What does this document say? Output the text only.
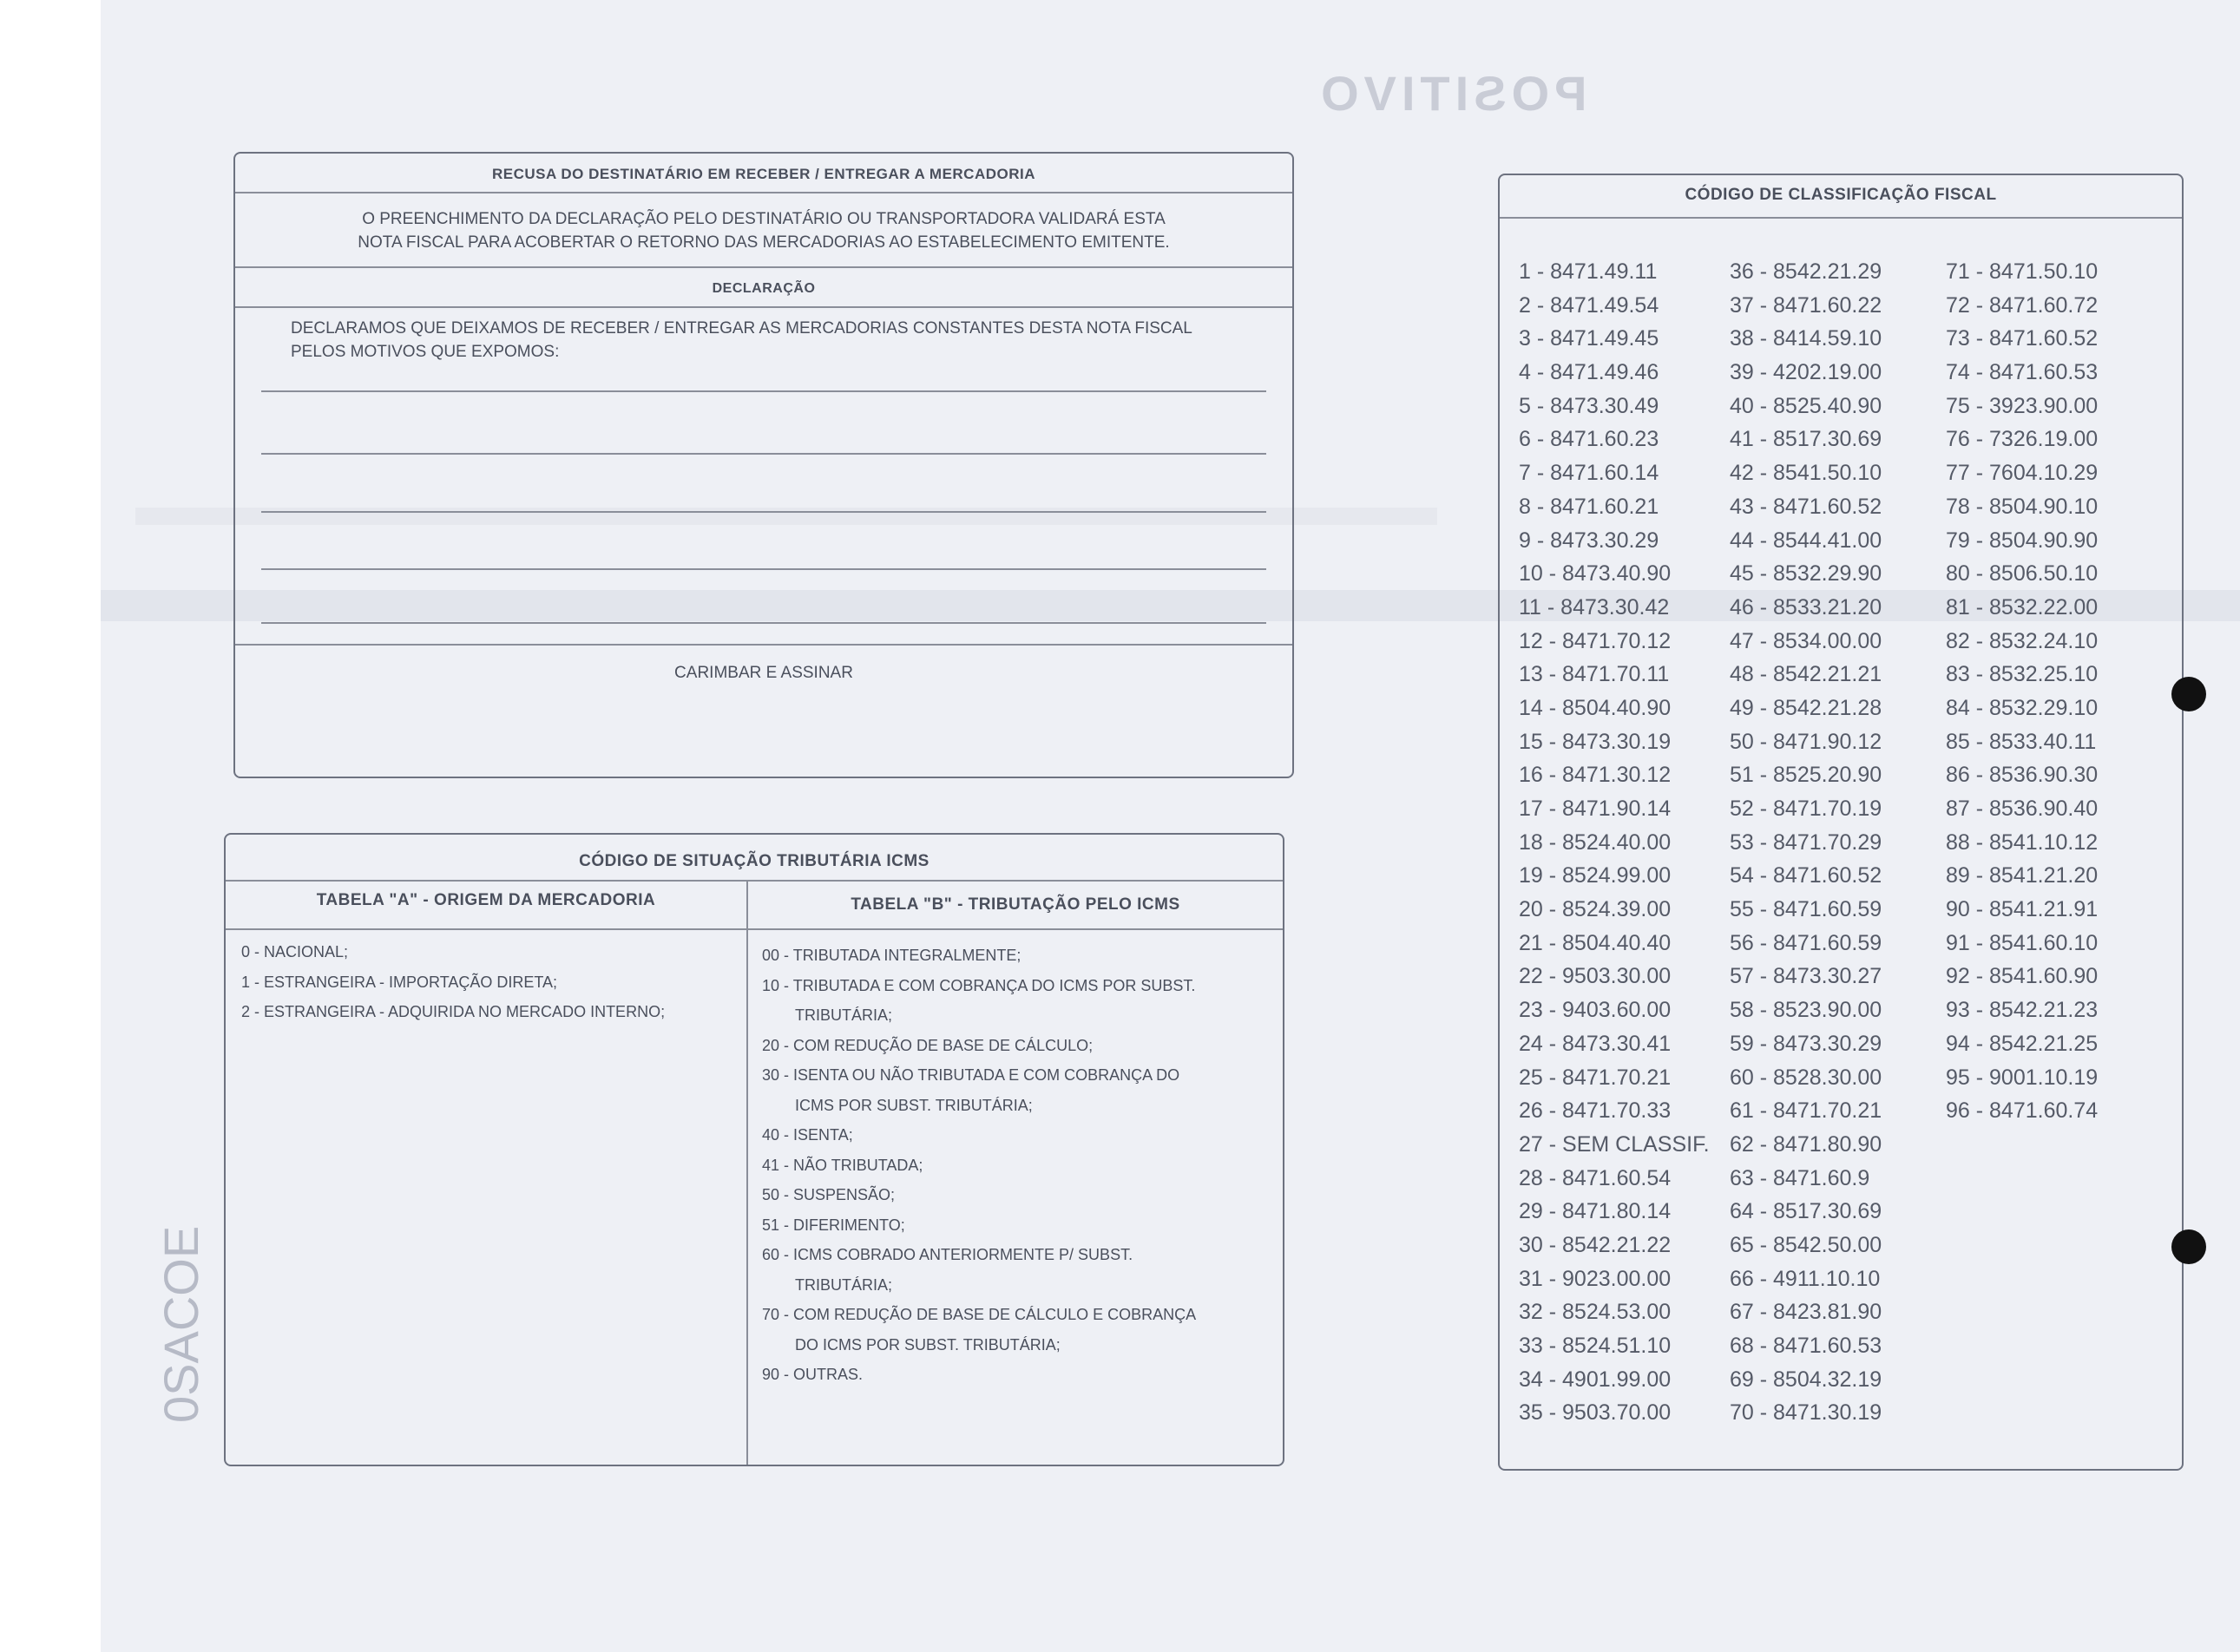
POSITIVO
0SACOE
RECUSA DO DESTINATÁRIO EM RECEBER / ENTREGAR A MERCADORIA
O PREENCHIMENTO DA DECLARAÇÃO PELO DESTINATÁRIO OU TRANSPORTADORA VALIDARÁ ESTA
NOTA FISCAL PARA ACOBERTAR O RETORNO DAS MERCADORIAS AO ESTABELECIMENTO EMITENTE.
DECLARAÇÃO
DECLARAMOS QUE DEIXAMOS DE RECEBER / ENTREGAR AS MERCADORIAS CONSTANTES DESTA NOTA FISCAL
PELOS MOTIVOS QUE EXPOMOS:
CARIMBAR E ASSINAR
CÓDIGO DE SITUAÇÃO TRIBUTÁRIA ICMS
TABELA "A" - ORIGEM DA MERCADORIA	TABELA "B" - TRIBUTAÇÃO PELO ICMS
0 - NACIONAL;
1 - ESTRANGEIRA - IMPORTAÇÃO DIRETA;
2 - ESTRANGEIRA - ADQUIRIDA NO MERCADO INTERNO;
00 - TRIBUTADA INTEGRALMENTE;
10 - TRIBUTADA E COM COBRANÇA DO ICMS POR SUBST.
TRIBUTÁRIA;
20 - COM REDUÇÃO DE BASE DE CÁLCULO;
30 - ISENTA OU NÃO TRIBUTADA E COM COBRANÇA DO
ICMS POR SUBST. TRIBUTÁRIA;
40 - ISENTA;
41 - NÃO TRIBUTADA;
50 - SUSPENSÃO;
51 - DIFERIMENTO;
60 - ICMS COBRADO ANTERIORMENTE P/ SUBST.
TRIBUTÁRIA;
70 - COM REDUÇÃO DE BASE DE CÁLCULO E COBRANÇA
DO ICMS POR SUBST. TRIBUTÁRIA;
90 - OUTRAS.
CÓDIGO DE CLASSIFICAÇÃO FISCAL
1 - 8471.49.11
2 - 8471.49.54
3 - 8471.49.45
4 - 8471.49.46
5 - 8473.30.49
6 - 8471.60.23
7 - 8471.60.14
8 - 8471.60.21
9 - 8473.30.29
10 - 8473.40.90
11 - 8473.30.42
12 - 8471.70.12
13 - 8471.70.11
14 - 8504.40.90
15 - 8473.30.19
16 - 8471.30.12
17 - 8471.90.14
18 - 8524.40.00
19 - 8524.99.00
20 - 8524.39.00
21 - 8504.40.40
22 - 9503.30.00
23 - 9403.60.00
24 - 8473.30.41
25 - 8471.70.21
26 - 8471.70.33
27 - SEM CLASSIF.
28 - 8471.60.54
29 - 8471.80.14
30 - 8542.21.22
31 - 9023.00.00
32 - 8524.53.00
33 - 8524.51.10
34 - 4901.99.00
35 - 9503.70.00
36 - 8542.21.29
37 - 8471.60.22
38 - 8414.59.10
39 - 4202.19.00
40 - 8525.40.90
41 - 8517.30.69
42 - 8541.50.10
43 - 8471.60.52
44 - 8544.41.00
45 - 8532.29.90
46 - 8533.21.20
47 - 8534.00.00
48 - 8542.21.21
49 - 8542.21.28
50 - 8471.90.12
51 - 8525.20.90
52 - 8471.70.19
53 - 8471.70.29
54 - 8471.60.52
55 - 8471.60.59
56 - 8471.60.59
57 - 8473.30.27
58 - 8523.90.00
59 - 8473.30.29
60 - 8528.30.00
61 - 8471.70.21
62 - 8471.80.90
63 - 8471.60.9
64 - 8517.30.69
65 - 8542.50.00
66 - 4911.10.10
67 - 8423.81.90
68 - 8471.60.53
69 - 8504.32.19
70 - 8471.30.19
71 - 8471.50.10
72 - 8471.60.72
73 - 8471.60.52
74 - 8471.60.53
75 - 3923.90.00
76 - 7326.19.00
77 - 7604.10.29
78 - 8504.90.10
79 - 8504.90.90
80 - 8506.50.10
81 - 8532.22.00
82 - 8532.24.10
83 - 8532.25.10
84 - 8532.29.10
85 - 8533.40.11
86 - 8536.90.30
87 - 8536.90.40
88 - 8541.10.12
89 - 8541.21.20
90 - 8541.21.91
91 - 8541.60.10
92 - 8541.60.90
93 - 8542.21.23
94 - 8542.21.25
95 - 9001.10.19
96 - 8471.60.74
